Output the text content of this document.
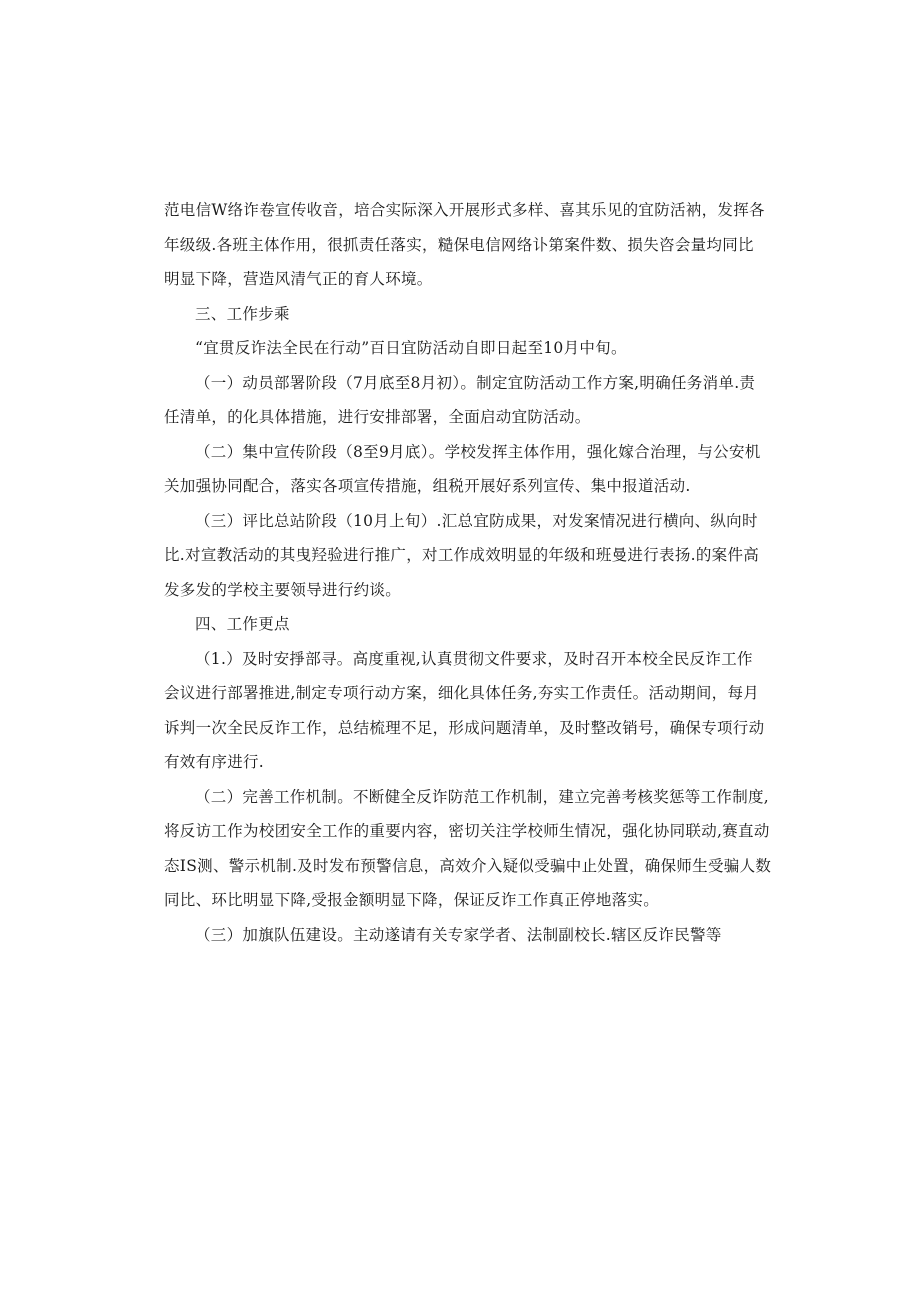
范电信W络诈卷宣传收音，培合实际深入开展形式多样、喜其乐见的宜防活衲，发挥各
年级级.各班主体作用，很抓责任落实，糙保电信网络讣第案件数、损失咨会量均同比
明显下降，营造风清气正的育人环境。
三、工作步乘
“宜贯反诈法全民在行动”百日宜防活动自即日起至10月中旬。
（一）动员部署阶段（7月底至8月初）。制定宜防活动工作方案,明确任务消单.责
任清单，的化具体措施，进行安排部署，全面启动宜防活动。
（二）集中宣传阶段（8至9月底）。学校发挥主体作用，强化嫁合治理，与公安机
关加强协同配合，落实各项宣传措施，组税开展好系列宣传、集中报道活动.
（三）评比总站阶段（10月上旬）.汇总宜防成果，对发案情况进行横向、纵向时
比.对宣教活动的其曳羟验进行推广，对工作成效明显的年级和班曼进行表扬.的案件高
发多发的学校主要领导进行约谈。
四、工作更点
（1.）及时安掙部寻。高度重视,认真贯彻文件要求，及时召开本校全民反诈工作
会议进行部署推进,制定专项行动方案，细化具体任务,夯实工作责任。活动期间，每月
诉判一次全民反诈工作，总结梳理不足，形成问题清单，及时整改销号，确保专项行动
有效有序进行.
（二）完善工作机制。不断健全反诈防范工作机制，建立完善考核奖惩等工作制度,
将反访工作为校团安全工作的重要内容，密切关注学校师生情况，强化协同联动,赛直动
态IS测、警示机制.及时发布预警信息，高效介入疑似受骗中止处置，确保师生受骗人数
同比、环比明显下降,受报金额明显下降，保证反诈工作真正停地落实。
（三）加旗队伍建设。主动遂请有关专家学者、法制副校长.辖区反诈民警等
